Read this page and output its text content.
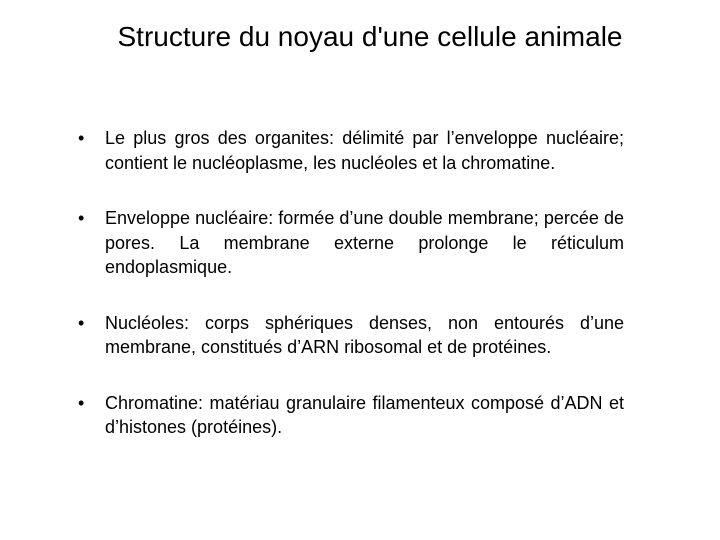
Structure du noyau d'une cellule animale
• Le plus gros des organites: délimité par l’enveloppe nucléaire; contient le nucléoplasme, les nucléoles et la chromatine.
• Enveloppe nucléaire: formée d’une double membrane; percée de pores. La membrane externe prolonge le réticulum endoplasmique.
• Nucléoles: corps sphériques denses, non entourés d’une membrane, constitués d’ARN ribosomal et de protéines.
• Chromatine: matériau granulaire filamenteux composé d’ADN et d’histones (protéines).
